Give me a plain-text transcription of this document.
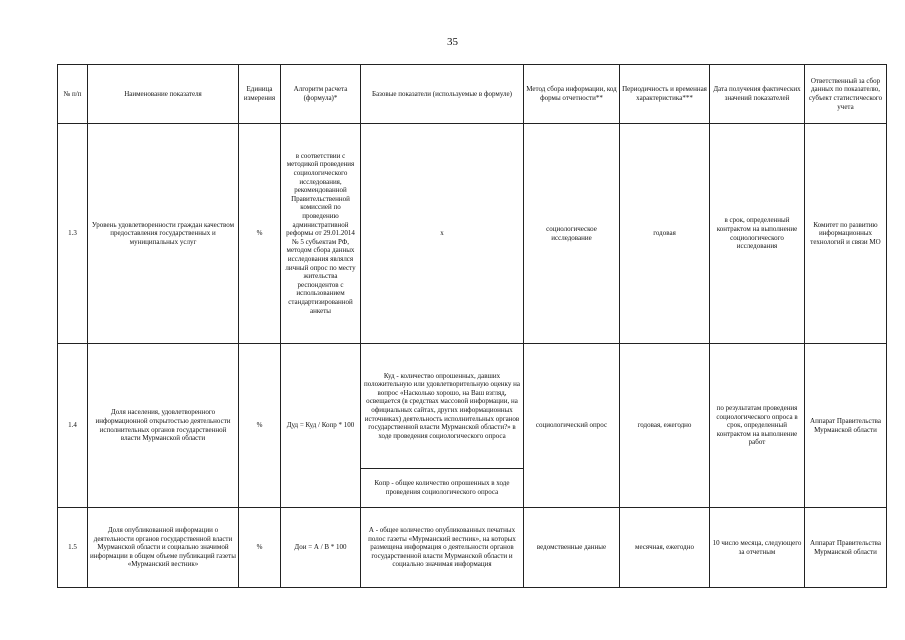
35
№ п/п	Наименование показателя	Единица измерения	Алгоритм расчета (формула)*	Базовые показатели (используемые в формуле)	Метод сбора информации, код формы отчетности**	Периодичность и временная характеристика***	Дата получения фактических значений показателей	Ответственный за сбор данных по показателю, субъект статистического учета
1.3	Уровень удовлетворенности граждан качеством предоставления государственных и муниципальных услуг	%	в соответствии с методикой проведения социологического исследования, рекомендованной Правительственной комиссией по проведению административной реформы от 29.01.2014 № 5 субъектам РФ, методом сбора данных исследования являлся личный опрос по месту жительства респондентов с использованием стандартизированной анкеты	х	социологическое исследование	годовая	в срок, определенный контрактом на выполнение социологического исследования	Комитет по развитию информационных технологий и связи МО
1.4	Доля населения, удовлетворенного информационной открытостью деятельности исполнительных органов государственной власти Мурманской области	%	Дуд = Куд / Копр * 100	Куд - количество опрошенных, давших положительную или удовлетворительную оценку на вопрос «Насколько хорошо, на Ваш взгляд, освещается (в средствах массовой информации, на официальных сайтах, других информационных источниках) деятельность исполнительных органов государственной власти Мурманской области?» в ходе проведения социологического опроса	социологический опрос	годовая, ежегодно	по результатам проведения социологического опроса в срок, определенный контрактом на выполнение работ	Аппарат Правительства Мурманской области
				Копр - общее количество опрошенных в ходе проведения социологического опроса				
1.5	Доля опубликованной информации о деятельности органов государственной власти Мурманской области и социально значимой информации в общем объеме публикаций газеты «Мурманский вестник»	%	Дои = А / В * 100	А - общее количество опубликованных печатных полос газеты «Мурманский вестник», на которых размещена информация о деятельности органов государственной власти Мурманской области и социально значимая информация	ведомственные данные	месячная, ежегодно	10 число месяца, следующего за отчетным	Аппарат Правительства Мурманской области
